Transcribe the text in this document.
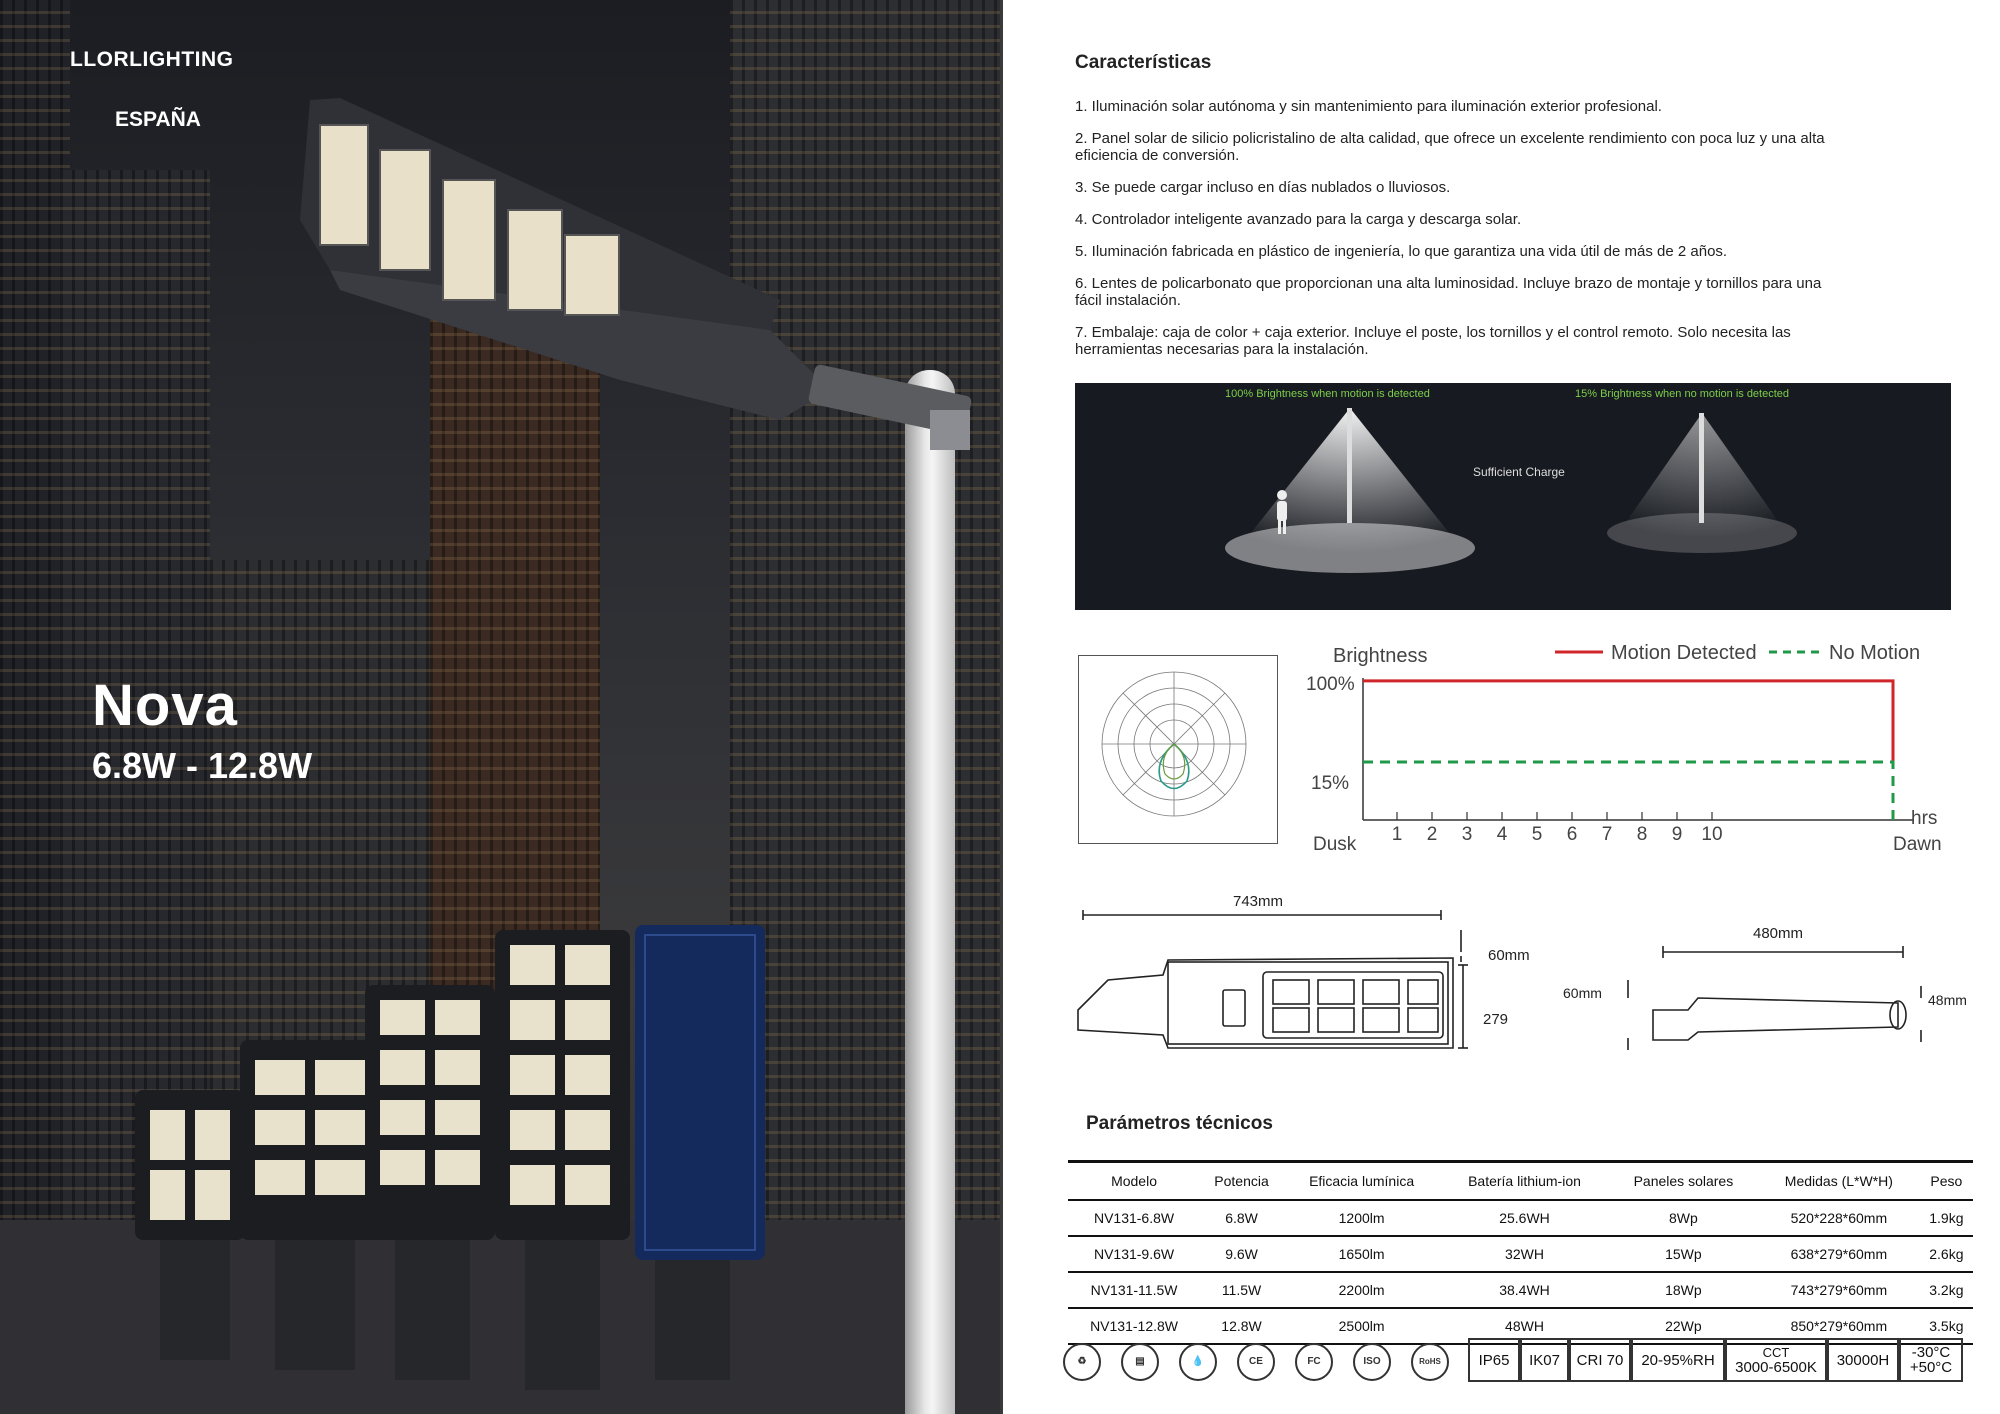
LLORLIGHTING
ESPAÑA
Nova
6.8W - 12.8W
Características
1. Iluminación solar autónoma y sin mantenimiento para iluminación exterior profesional.
2. Panel solar de silicio policristalino de alta calidad, que ofrece un excelente rendimiento con poca luz y una alta eficiencia de conversión.
3. Se puede cargar incluso en días nublados o lluviosos.
4. Controlador inteligente avanzado para la carga y descarga solar.
5. Iluminación fabricada en plástico de ingeniería, lo que garantiza una vida útil de más de 2 años.
6. Lentes de policarbonato que proporcionan una alta luminosidad. Incluye brazo de montaje y tornillos para una fácil instalación.
7. Embalaje: caja de color + caja exterior. Incluye el poste, los tornillos y el control remoto. Solo necesita las herramientas necesarias para la instalación.
100% Brightness when motion is detected
Sufficient Charge
15% Brightness when no motion is detected
Brightness	Motion Detected	No Motion
100%
15%
1 2 3 4 5 6 7 8 9 10
Dusk	Dawn
hrs
743mm
60mm
279
480mm
60mm	48mm
Parámetros técnicos
Modelo	Potencia	Eficacia lumínica	Batería lithium-ion	Paneles solares	Medidas (L*W*H)	Peso
NV131-6.8W	6.8W	1200lm	25.6WH	8Wp	520*228*60mm	1.9kg
NV131-9.6W	9.6W	1650lm	32WH	15Wp	638*279*60mm	2.6kg
NV131-11.5W	11.5W	2200lm	38.4WH	18Wp	743*279*60mm	3.2kg
NV131-12.8W	12.8W	2500lm	48WH	22Wp	850*279*60mm	3.5kg
♻	▤	💧	CE	FC	ISO	RoHS	IP65	IK07	CRI 70	20-95%RH	CCT
3000-6500K	30000H	-30°C
+50°C
